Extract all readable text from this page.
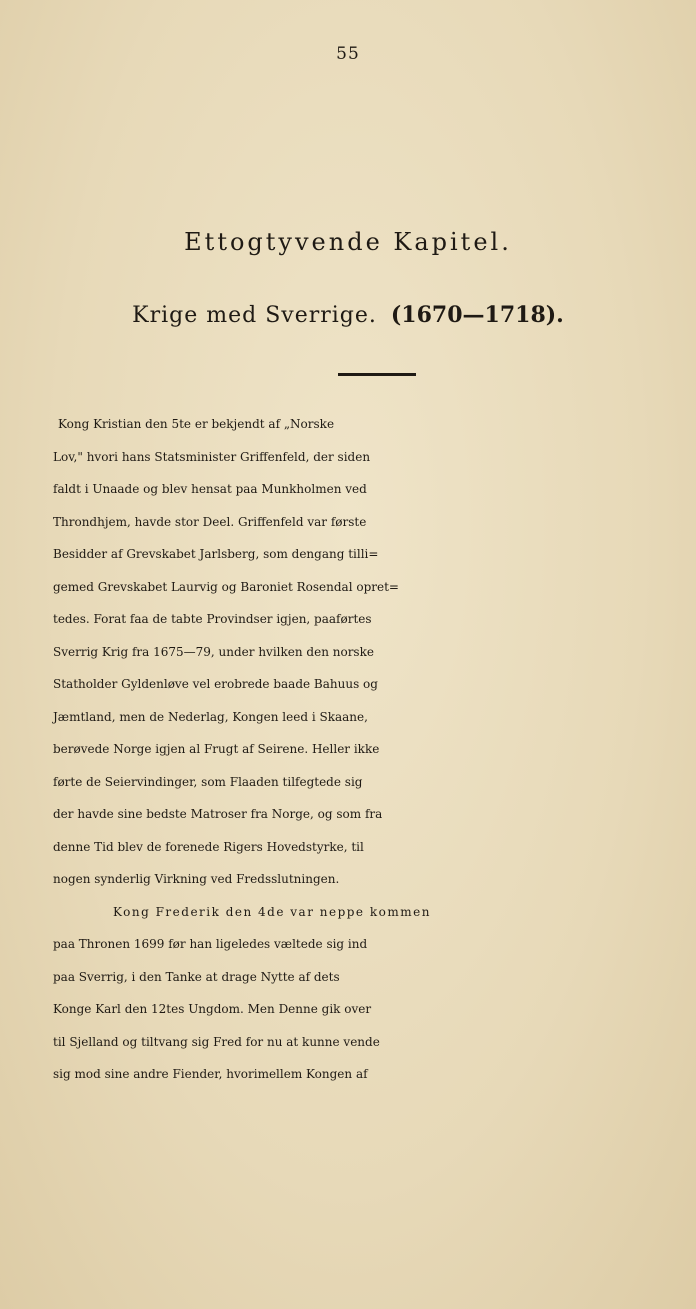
55
Ettogtyvende Kapitel.
Krige med Sverrige. (1670—1718).
Kong Kristian den 5te er bekjendt af „Norske
Lov," hvori hans Statsminister Griffenfeld, der siden
faldt i Unaade og blev hensat paa Munkholmen ved
Throndhjem, havde stor Deel. Griffenfeld var første
Besidder af Grevskabet Jarlsberg, som dengang tilli=
gemed Grevskabet Laurvig og Baroniet Rosendal opret=
tedes. Forat faa de tabte Provindser igjen, paaførtes
Sverrig Krig fra 1675—79, under hvilken den norske
Statholder Gyldenløve vel erobrede baade Bahuus og
Jæmtland, men de Nederlag, Kongen leed i Skaane,
berøvede Norge igjen al Frugt af Seirene. Heller ikke
førte de Seiervindinger, som Flaaden tilfegtede sig
der havde sine bedste Matroser fra Norge, og som fra
denne Tid blev de forenede Rigers Hovedstyrke, til
nogen synderlig Virkning ved Fredsslutningen.
Kong Frederik den 4de var neppe kommen
paa Thronen 1699 før han ligeledes væltede sig ind
paa Sverrig, i den Tanke at drage Nytte af dets
Konge Karl den 12tes Ungdom. Men Denne gik over
til Sjelland og tiltvang sig Fred for nu at kunne vende
sig mod sine andre Fiender, hvorimellem Kongen af
